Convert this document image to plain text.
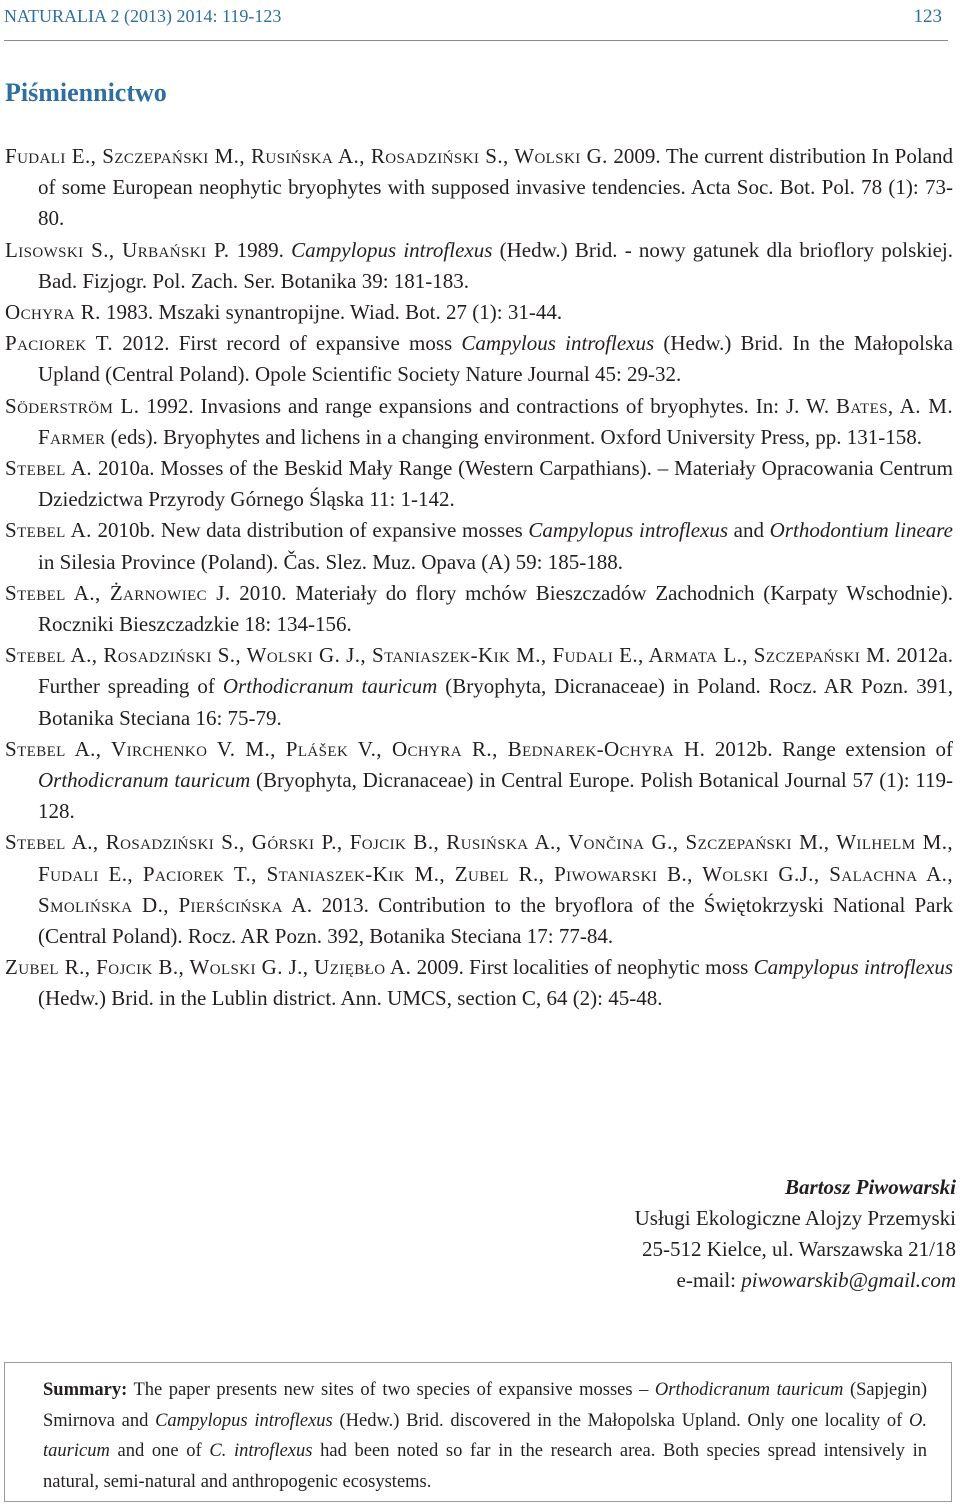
NATURALIA 2 (2013) 2014: 119-123	123
Piśmiennictwo

Fudali E., Szczepański M., Rusińska A., Rosadziński S., Wolski G. 2009. The current distribution In Poland of some European neophytic bryophytes with supposed invasive tendencies. Acta Soc. Bot. Pol. 78 (1): 73-80.

Lisowski S., Urbański P. 1989. Campylopus introflexus (Hedw.) Brid. - nowy gatunek dla brioflory polskiej. Bad. Fizjogr. Pol. Zach. Ser. Botanika 39: 181-183.

Ochyra R. 1983. Mszaki synantropijne. Wiad. Bot. 27 (1): 31-44.

Paciorek T. 2012. First record of expansive moss Campylous introflexus (Hedw.) Brid. In the Małopolska Upland (Central Poland). Opole Scientific Society Nature Journal 45: 29-32.

Söderström L. 1992. Invasions and range expansions and contractions of bryophytes. In: J. W. Bates, A. M. Farmer (eds). Bryophytes and lichens in a changing environment. Oxford University Press, pp. 131-158.

Stebel A. 2010a. Mosses of the Beskid Mały Range (Western Carpathians). – Materiały Opracowania Centrum Dziedzictwa Przyrody Górnego Śląska 11: 1-142.

Stebel A. 2010b. New data distribution of expansive mosses Campylopus introflexus and Orthodontium lineare in Silesia Province (Poland). Čas. Slez. Muz. Opava (A) 59: 185-188.

Stebel A., Żarnowiec J. 2010. Materiały do flory mchów Bieszczadów Zachodnich (Karpaty Wschodnie). Roczniki Bieszczadzkie 18: 134-156.

Stebel A., Rosadziński S., Wolski G. J., Staniaszek-Kik M., Fudali E., Armata L., Szczepański M. 2012a. Further spreading of Orthodicranum tauricum (Bryophyta, Dicranaceae) in Poland. Rocz. AR Pozn. 391, Botanika Steciana 16: 75-79.

Stebel A., Virchenko V. M., Plášek V., Ochyra R., Bednarek-Ochyra H. 2012b. Range extension of Orthodicranum tauricum (Bryophyta, Dicranaceae) in Central Europe. Polish Botanical Journal 57 (1): 119-128.

Stebel A., Rosadziński S., Górski P., Fojcik B., Rusińska A., Vončina G., Szczepański M., Wilhelm M., Fudali E., Paciorek T., Staniaszek-Kik M., Zubel R., Piwowarski B., Wolski G.J., Salachna A., Smolińska D., Pierścińska A. 2013. Contribution to the bryoflora of the Świętokrzyski National Park (Central Poland). Rocz. AR Pozn. 392, Botanika Steciana 17: 77-84.

Zubel R., Fojcik B., Wolski G. J., Uziębło A. 2009. First localities of neophytic moss Campylopus introflexus (Hedw.) Brid. in the Lublin district. Ann. UMCS, section C, 64 (2): 45-48.

Bartosz Piwowarski
Usługi Ekologiczne Alojzy Przemyski
25-512 Kielce, ul. Warszawska 21/18
e-mail: piwowarskib@gmail.com

Summary: The paper presents new sites of two species of expansive mosses – Orthodicranum tauricum (Sapjegin) Smirnova and Campylopus introflexus (Hedw.) Brid. discovered in the Małopolska Upland. Only one locality of O. tauricum and one of C. introflexus had been noted so far in the research area. Both species spread intensively in natural, semi-natural and anthropogenic ecosystems.
